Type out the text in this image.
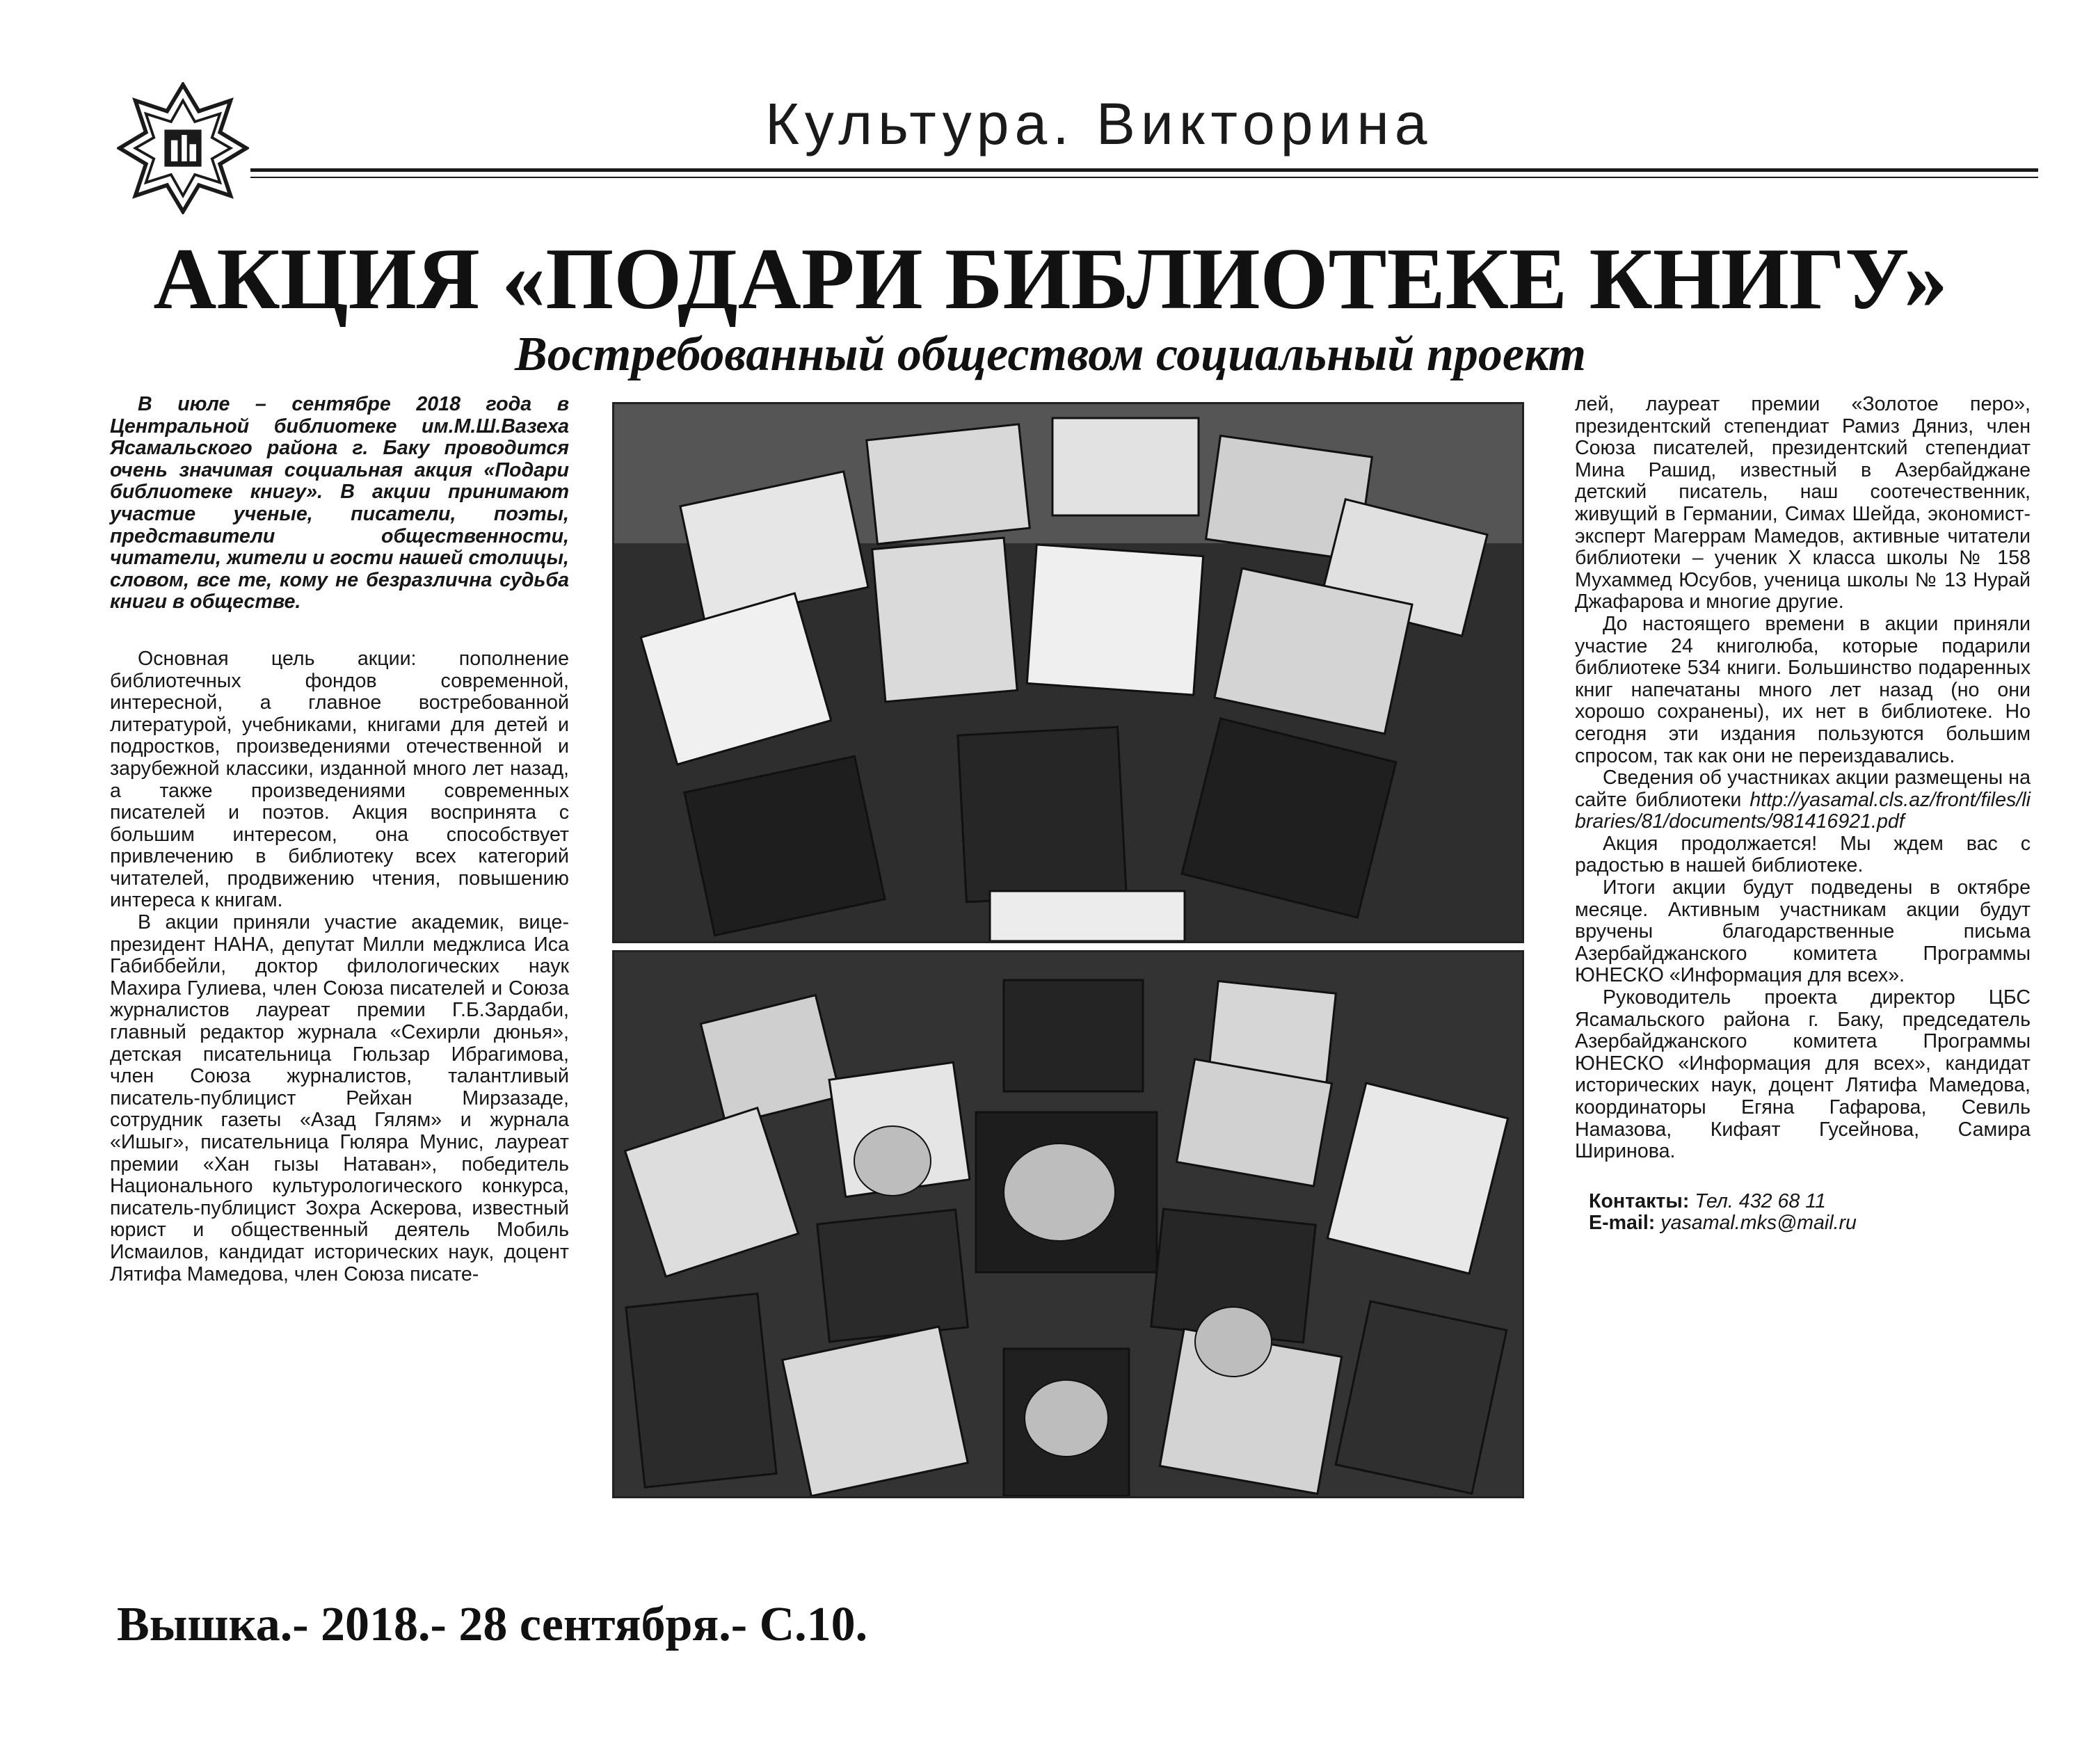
Культура. Викторина
АКЦИЯ «ПОДАРИ БИБЛИОТЕКЕ КНИГУ»
Востребованный обществом социальный проект

В июле – сентябре 2018 года в Центральной библиотеке им.М.Ш.Вазеха Ясамальского района г. Баку проводится очень значимая социальная акция «Подари библиотеке книгу». В акции принимают участие ученые, писатели, поэты, представители общественности, читатели, жители и гости нашей столицы, словом, все те, кому не безразлична судьба книги в обществе.

Основная цель акции: пополнение библиотечных фондов современной, интересной, а главное востребованной литературой, учебниками, книгами для детей и подростков, произведениями отечественной и зарубежной классики, изданной много лет назад, а также произведениями современных писателей и поэтов. Акция воспринята с большим интересом, она способствует привлечению в библиотеку всех категорий читателей, продвижению чтения, повышению интереса к книгам.

В акции приняли участие академик, вице-президент НАНА, депутат Милли меджлиса Иса Габиббейли, доктор филологических наук Махира Гулиева, член Союза писателей и Союза журналистов лауреат премии Г.Б.Зардаби, главный редактор журнала «Сехирли дюнья», детская писательница Гюльзар Ибрагимова, член Союза журналистов, талантливый писатель-публицист Рейхан Мирзазаде, сотрудник газеты «Азад Гялям» и журнала «Ишыг», писательница Гюляра Мунис, лауреат премии «Хан гызы Натаван», победитель Национального культурологического конкурса, писатель-публицист Зохра Аскерова, известный юрист и общественный деятель Мобиль Исмаилов, кандидат исторических наук, доцент Лятифа Мамедова, член Союза писате-

лей, лауреат премии «Золотое перо», президентский степендиат Рамиз Дяниз, член Союза писателей, президентский степендиат Мина Рашид, известный в Азербайджане детский писатель, наш соотечественник, живущий в Германии, Симах Шейда, экономист-эксперт Магеррам Мамедов, активные читатели библиотеки – ученик X класса школы № 158 Мухаммед Юсубов, ученица школы № 13 Нурай Джафарова и многие другие.

До настоящего времени в акции приняли участие 24 книголюба, которые подарили библиотеке 534 книги. Большинство подаренных книг напечатаны много лет назад (но они хорошо сохранены), их нет в библиотеке. Но сегодня эти издания пользуются большим спросом, так как они не переиздавались.

Сведения об участниках акции размещены на сайте библиотеки http://yasamal.cls.az/front/files/libraries/81/documents/981416921.pdf

Акция продолжается! Мы ждем вас с радостью в нашей библиотеке.

Итоги акции будут подведены в октябре месяце. Активным участникам акции будут вручены благодарственные письма Азербайджанского комитета Программы ЮНЕСКО «Информация для всех».

Руководитель проекта директор ЦБС Ясамальского района г. Баку, председатель Азербайджанского комитета Программы ЮНЕСКО «Информация для всех», кандидат исторических наук, доцент Лятифа Мамедова, координаторы Егяна Гафарова, Севиль Намазова, Кифаят Гусейнова, Самира Ширинова.

Контакты: Тел. 432 68 11

E-mail: yasamal.mks@mail.ru

Вышка.- 2018.- 28 сентября.- С.10.
